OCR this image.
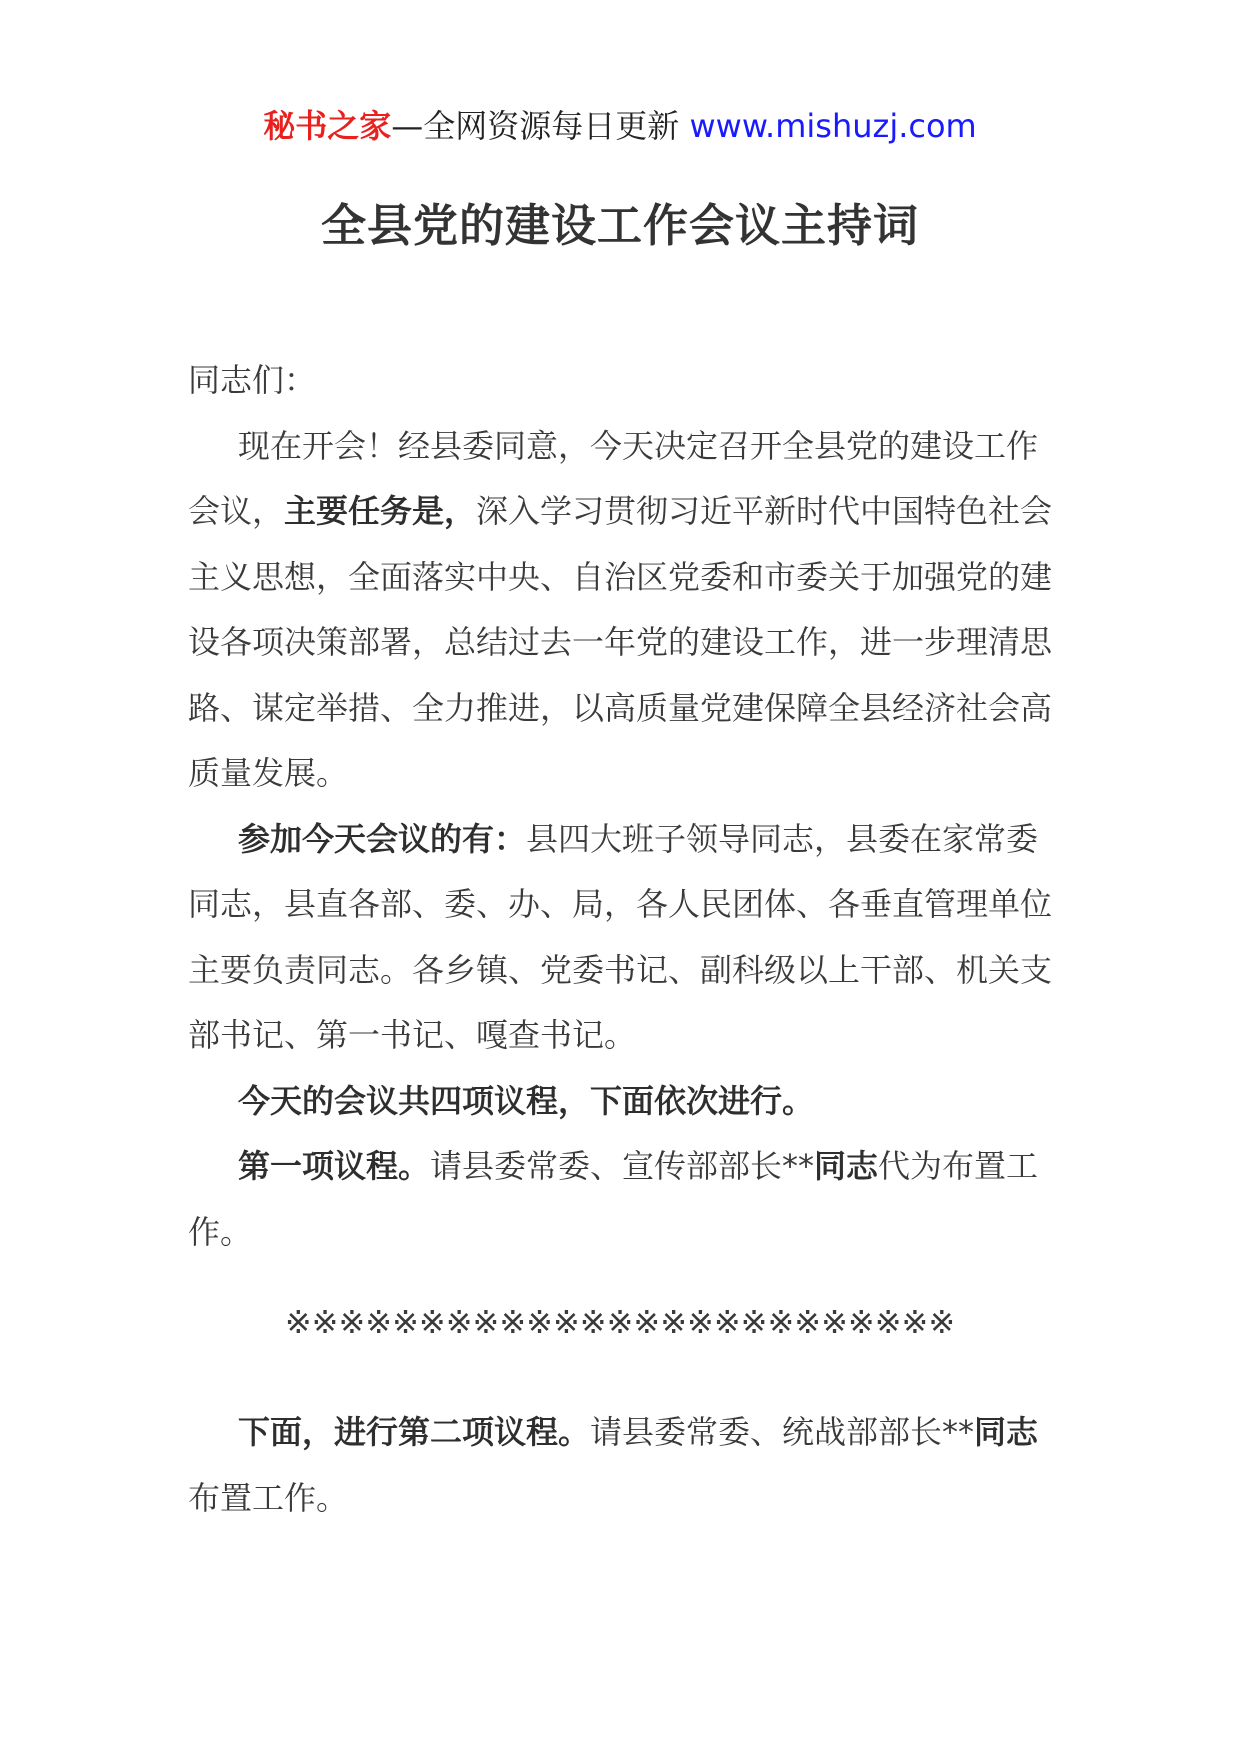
秘书之家—全网资源每日更新 www.mishuzj.com
全县党的建设工作会议主持词

同志们：

现在开会！经县委同意，今天决定召开全县党的建设工作会议，主要任务是，深入学习贯彻习近平新时代中国特色社会主义思想，全面落实中央、自治区党委和市委关于加强党的建设各项决策部署，总结过去一年党的建设工作，进一步理清思路、谋定举措、全力推进，以高质量党建保障全县经济社会高质量发展。

参加今天会议的有：县四大班子领导同志，县委在家常委同志，县直各部、委、办、局，各人民团体、各垂直管理单位主要负责同志。各乡镇、党委书记、副科级以上干部、机关支部书记、第一书记、嘎查书记。

今天的会议共四项议程，下面依次进行。

第一项议程。请县委常委、宣传部部长**同志代为布置工作。

※※※※※※※※※※※※※※※※※※※※※※※※※

下面，进行第二项议程。请县委常委、统战部部长**同志布置工作。
